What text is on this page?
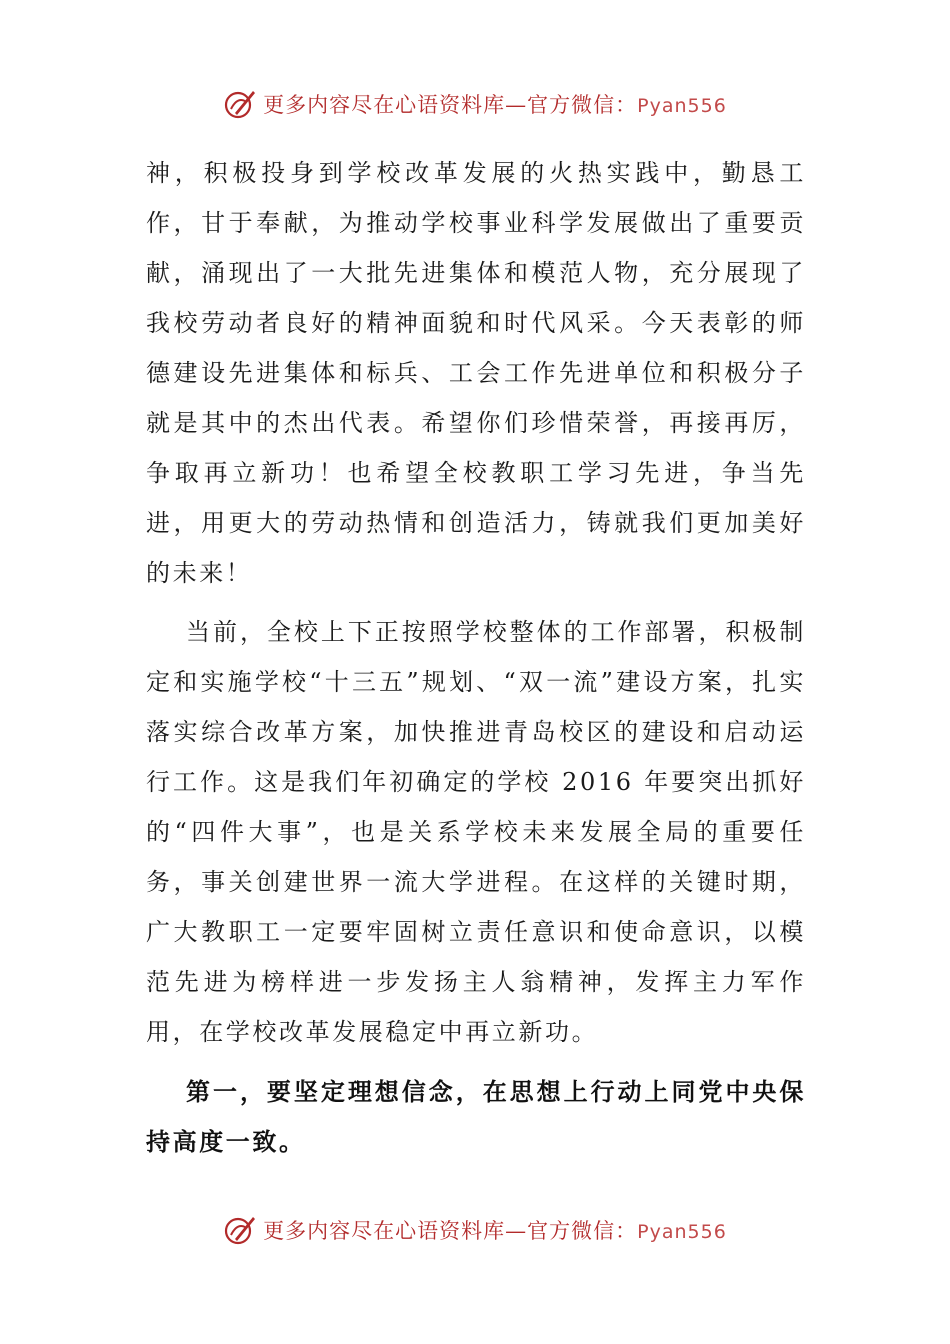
更多内容尽在心语资料库—官方微信：Pyan556

神，积极投身到学校改革发展的火热实践中，勤恳工作，甘于奉献，为推动学校事业科学发展做出了重要贡献，涌现出了一大批先进集体和模范人物，充分展现了我校劳动者良好的精神面貌和时代风采。今天表彰的师德建设先进集体和标兵、工会工作先进单位和积极分子就是其中的杰出代表。希望你们珍惜荣誉，再接再厉，争取再立新功！也希望全校教职工学习先进，争当先进，用更大的劳动热情和创造活力，铸就我们更加美好的未来！

当前，全校上下正按照学校整体的工作部署，积极制定和实施学校“十三五”规划、“双一流”建设方案，扎实落实综合改革方案，加快推进青岛校区的建设和启动运行工作。这是我们年初确定的学校 2016 年要突出抓好的“四件大事”，也是关系学校未来发展全局的重要任务，事关创建世界一流大学进程。在这样的关键时期，广大教职工一定要牢固树立责任意识和使命意识，以模范先进为榜样进一步发扬主人翁精神，发挥主力军作用，在学校改革发展稳定中再立新功。

第一，要坚定理想信念，在思想上行动上同党中央保持高度一致。

更多内容尽在心语资料库—官方微信：Pyan556
